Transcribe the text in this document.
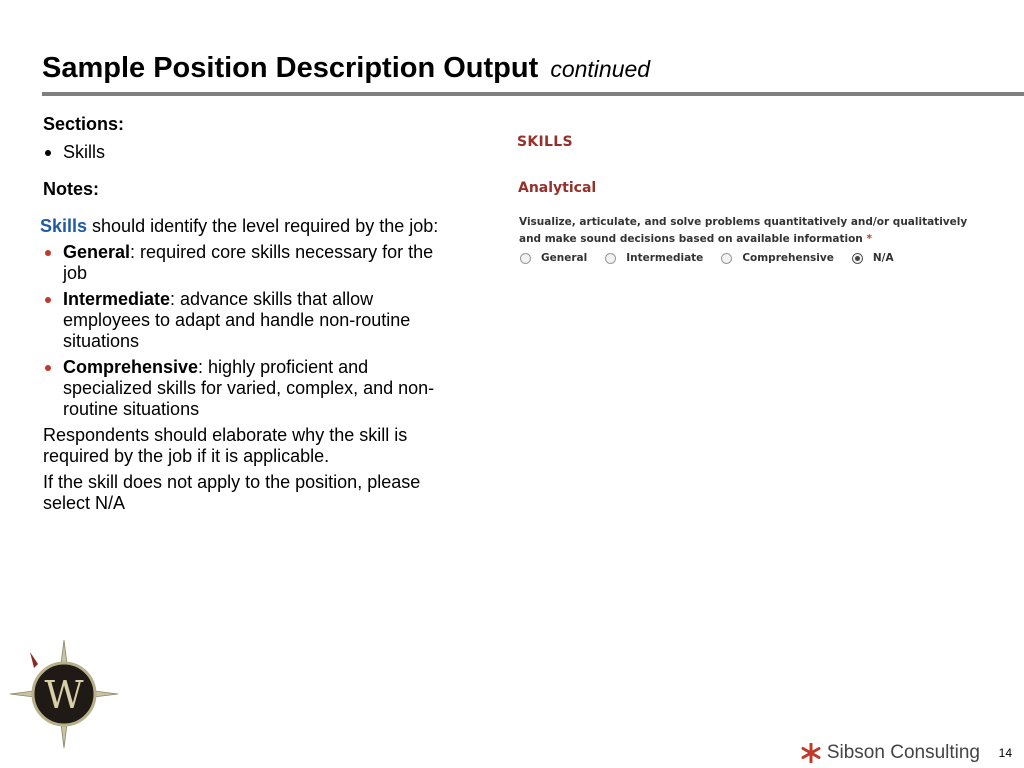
Sample Position Description Output continued

Sections:

Skills

Notes:

Skills should identify the level required by the job:

General: required core skills necessary for the job

Intermediate: advance skills that allow employees to adapt and handle non-routine situations

Comprehensive: highly proficient and specialized skills for varied, complex, and non-routine situations

Respondents should elaborate why the skill is required by the job if it is applicable.

If the skill does not apply to the position, please select N/A

SKILLS

Analytical

Visualize, articulate, and solve problems quantitatively and/or qualitatively and make sound decisions based on available information *
General	Intermediate	Comprehensive	N/A
W
Sibson Consulting 14
